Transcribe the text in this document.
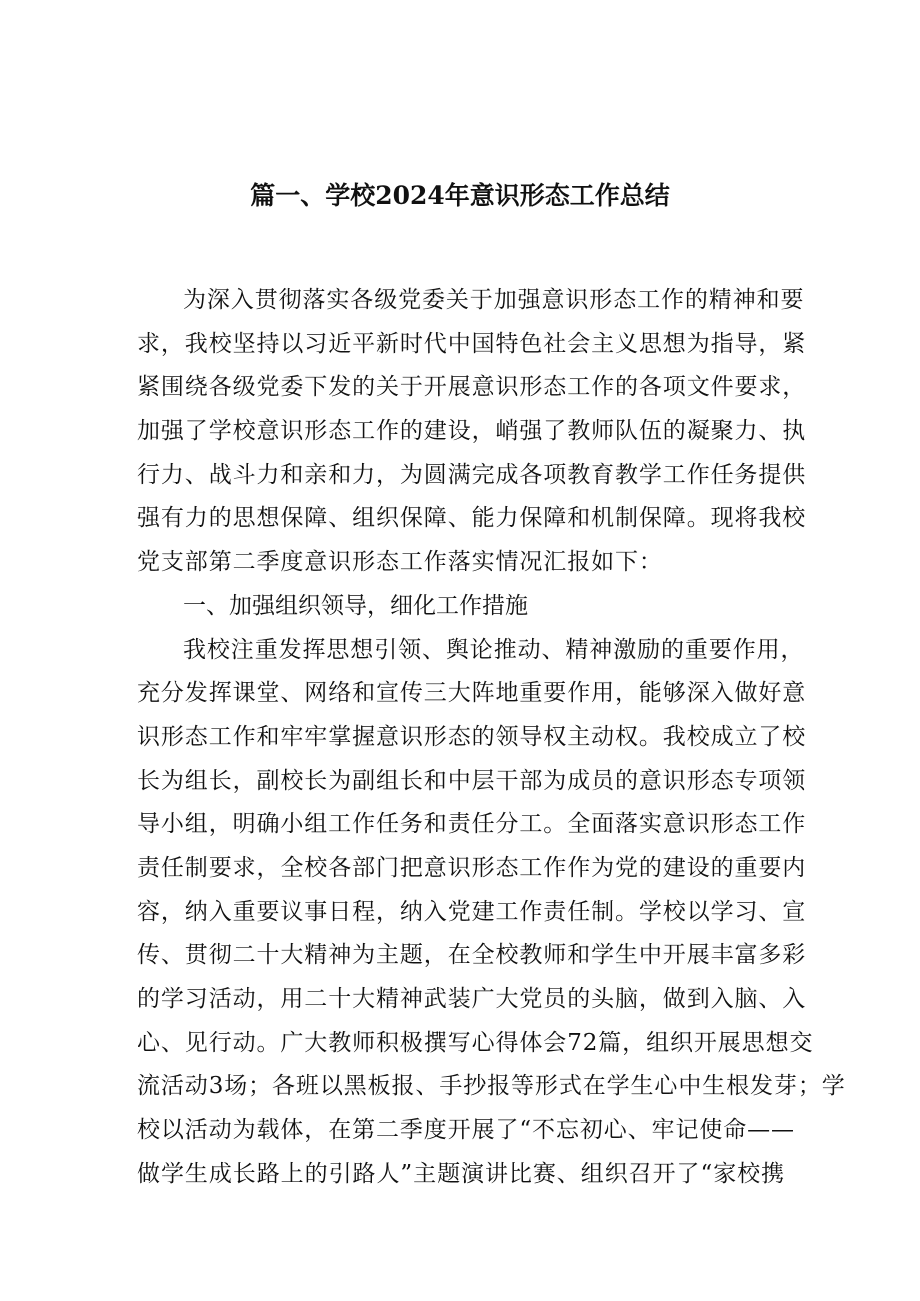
篇一、学校2024年意识形态工作总结
为深入贯彻落实各级党委关于加强意识形态工作的精神和要
求，我校坚持以习近平新时代中国特色社会主义思想为指导，紧
紧围绕各级党委下发的关于开展意识形态工作的各项文件要求，
加强了学校意识形态工作的建设，峭强了教师队伍的凝聚力、执
行力、战斗力和亲和力，为圆满完成各项教育教学工作任务提供
强有力的思想保障、组织保障、能力保障和机制保障。现将我校
党支部第二季度意识形态工作落实情况汇报如下：
一、加强组织领导，细化工作措施
我校注重发挥思想引领、舆论推动、精神激励的重要作用，
充分发挥课堂、网络和宣传三大阵地重要作用，能够深入做好意
识形态工作和牢牢掌握意识形态的领导权主动权。我校成立了校
长为组长，副校长为副组长和中层干部为成员的意识形态专项领
导小组，明确小组工作任务和责任分工。全面落实意识形态工作
责任制要求，全校各部门把意识形态工作作为党的建设的重要内
容，纳入重要议事日程，纳入党建工作责任制。学校以学习、宣
传、贯彻二十大精神为主题，在全校教师和学生中开展丰富多彩
的学习活动，用二十大精神武装广大党员的头脑，做到入脑、入
心、见行动。广大教师积极撰写心得体会72篇，组织开展思想交
流活动3场；各班以黑板报、手抄报等形式在学生心中生根发芽；学
校以活动为载体，在第二季度开展了“不忘初心、牢记使命——
做学生成长路上的引路人”主题演讲比赛、组织召开了“家校携
